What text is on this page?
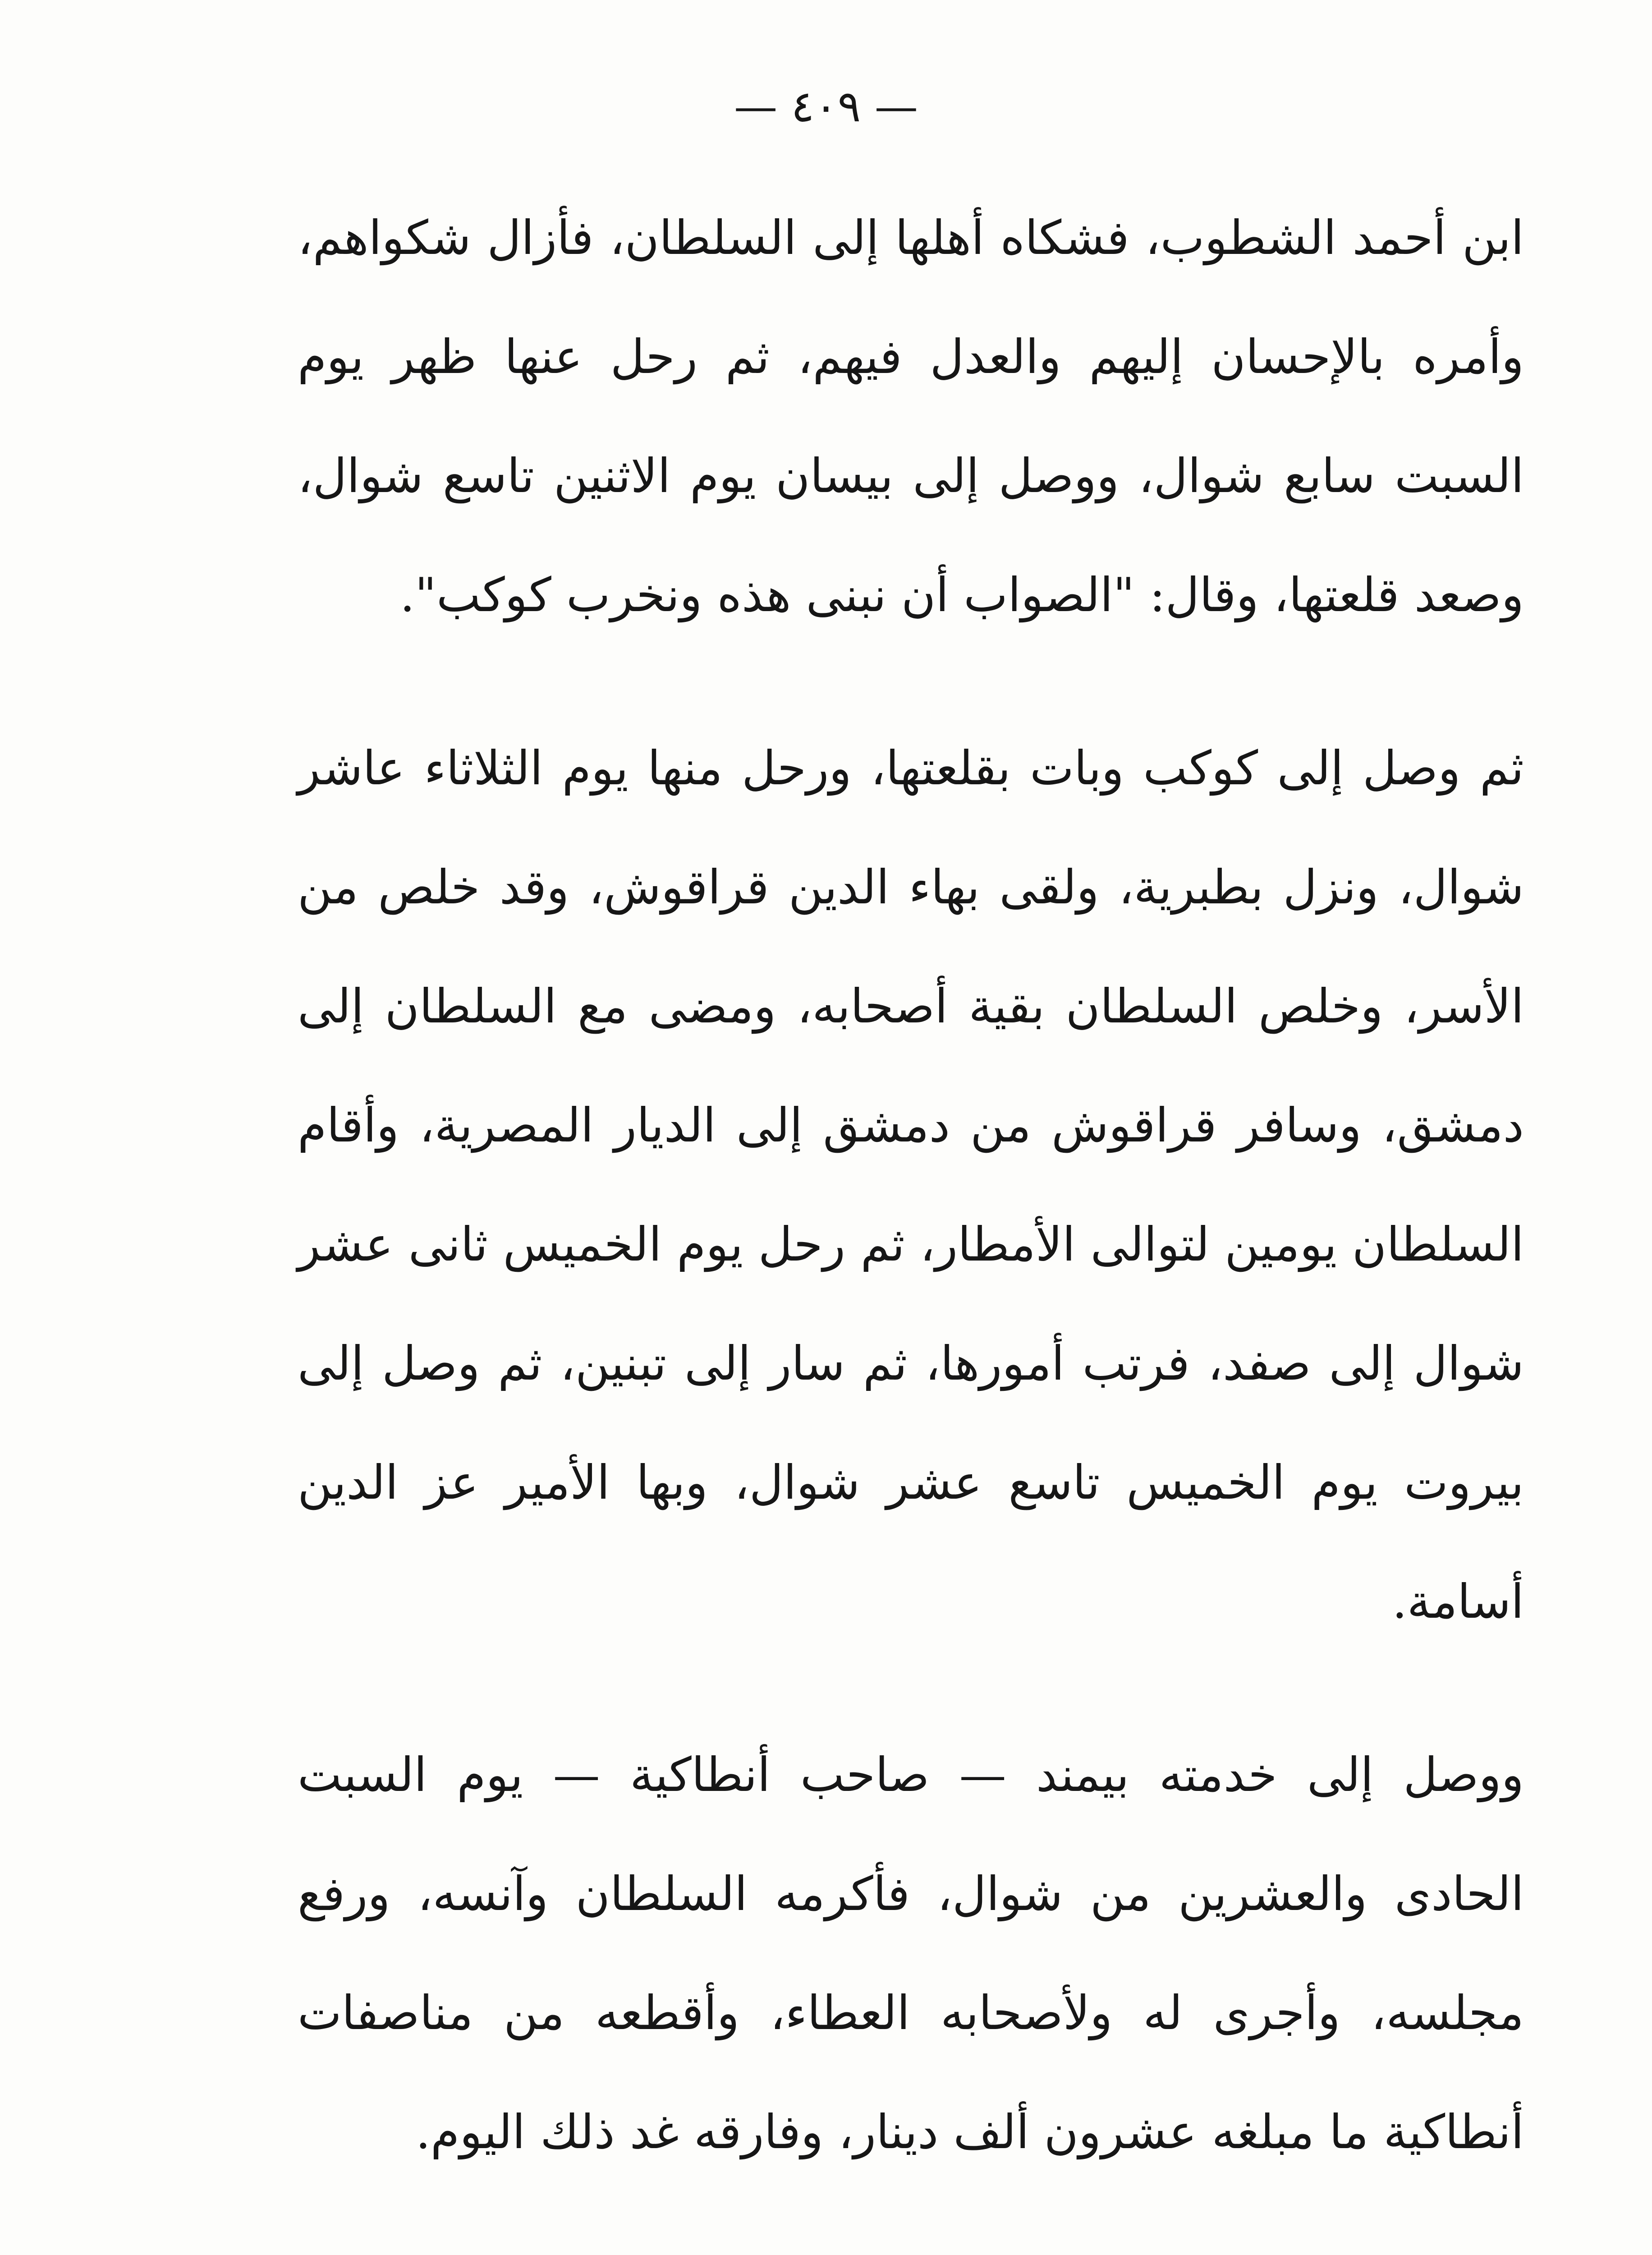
— ٤٠٩ —

ابن أحمد الشطوب، فشكاه أهلها إلى السلطان، فأزال شكواهم، وأمره بالإحسان إليهم والعدل فيهم، ثم رحل عنها ظهر يوم السبت سابع شوال، ووصل إلى بيسان يوم الاثنين تاسع شوال، وصعد قلعتها، وقال: "الصواب أن نبنى هذه ونخرب كوكب".

ثم وصل إلى كوكب وبات بقلعتها، ورحل منها يوم الثلاثاء عاشر شوال، ونزل بطبرية، ولقى بهاء الدين قراقوش، وقد خلص من الأسر، وخلص السلطان بقية أصحابه، ومضى مع السلطان إلى دمشق، وسافر قراقوش من دمشق إلى الديار المصرية، وأقام السلطان يومين لتوالى الأمطار، ثم رحل يوم الخميس ثانى عشر شوال إلى صفد، فرتب أمورها، ثم سار إلى تبنين، ثم وصل إلى بيروت يوم الخميس تاسع عشر شوال، وبها الأمير عز الدين أسامة.

ووصل إلى خدمته بيمند — صاحب أنطاكية — يوم السبت الحادى والعشرين من شوال، فأكرمه السلطان وآنسه، ورفع مجلسه، وأجرى له ولأصحابه العطاء، وأقطعه من مناصفات أنطاكية ما مبلغه عشرون ألف دينار، وفارقه غد ذلك اليوم.
